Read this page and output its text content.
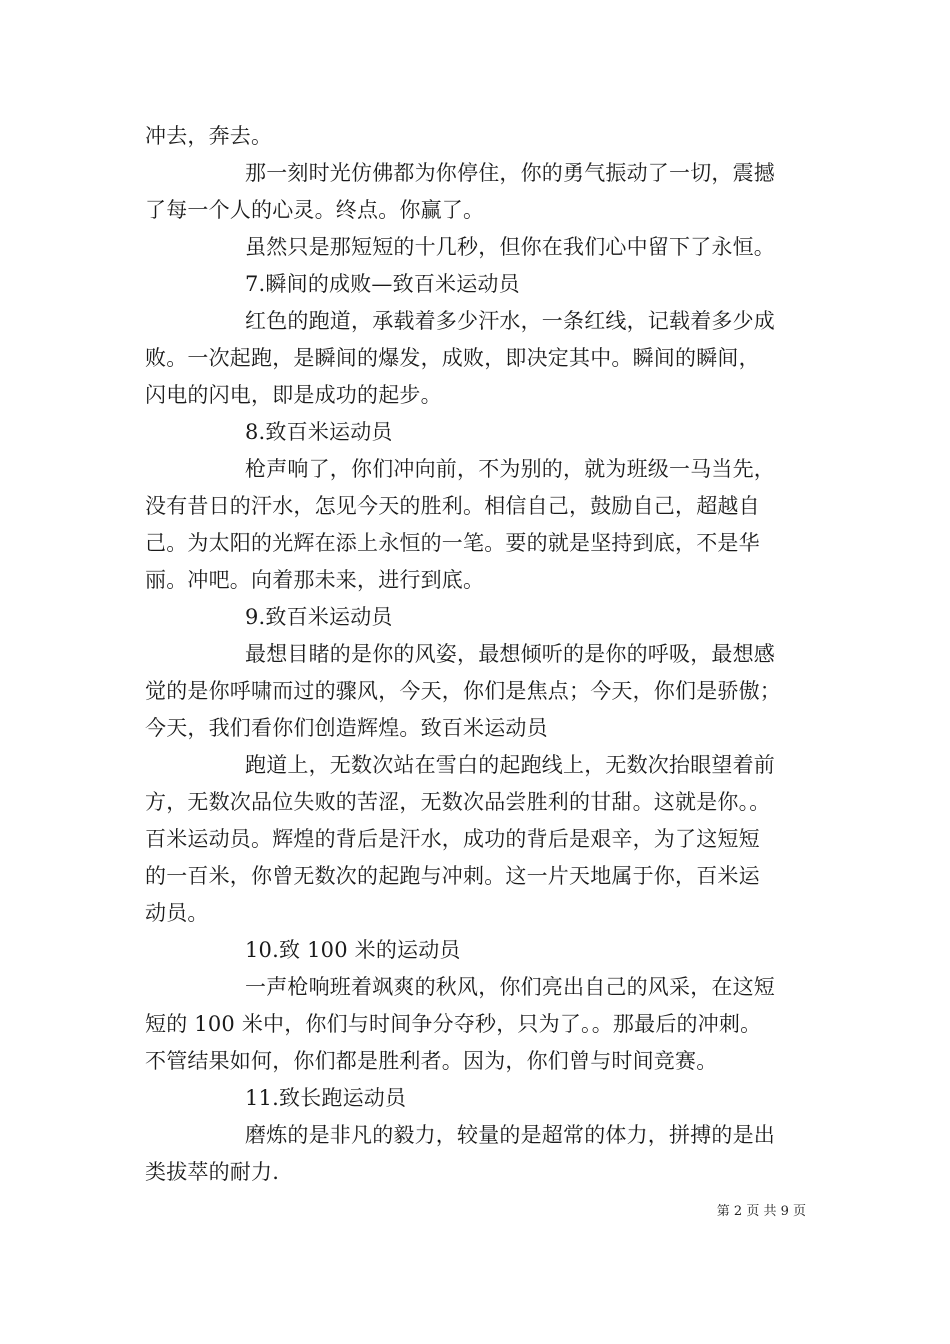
冲去，奔去。
那一刻时光仿佛都为你停住，你的勇气振动了一切，震撼
了每一个人的心灵。终点。你赢了。
虽然只是那短短的十几秒，但你在我们心中留下了永恒。
7.瞬间的成败—致百米运动员
红色的跑道，承载着多少汗水，一条红线，记载着多少成
败。一次起跑，是瞬间的爆发，成败，即决定其中。瞬间的瞬间，
闪电的闪电，即是成功的起步。
8.致百米运动员
枪声响了，你们冲向前，不为别的，就为班级一马当先，
没有昔日的汗水，怎见今天的胜利。相信自己，鼓励自己，超越自
己。为太阳的光辉在添上永恒的一笔。要的就是坚持到底，不是华
丽。冲吧。向着那未来，进行到底。
9.致百米运动员
最想目睹的是你的风姿，最想倾听的是你的呼吸，最想感
觉的是你呼啸而过的骤风，今天，你们是焦点；今天，你们是骄傲；
今天，我们看你们创造辉煌。致百米运动员
跑道上，无数次站在雪白的起跑线上，无数次抬眼望着前
方，无数次品位失败的苦涩，无数次品尝胜利的甘甜。这就是你。。
百米运动员。辉煌的背后是汗水，成功的背后是艰辛，为了这短短
的一百米，你曾无数次的起跑与冲刺。这一片天地属于你，百米运
动员。
10.致 100 米的运动员
一声枪响班着飒爽的秋风，你们亮出自己的风采，在这短
短的 100 米中，你们与时间争分夺秒，只为了。。那最后的冲刺。
不管结果如何，你们都是胜利者。因为，你们曾与时间竞赛。
11.致长跑运动员
磨炼的是非凡的毅力，较量的是超常的体力，拼搏的是出
类拔萃的耐力.
第 2 页 共 9 页
